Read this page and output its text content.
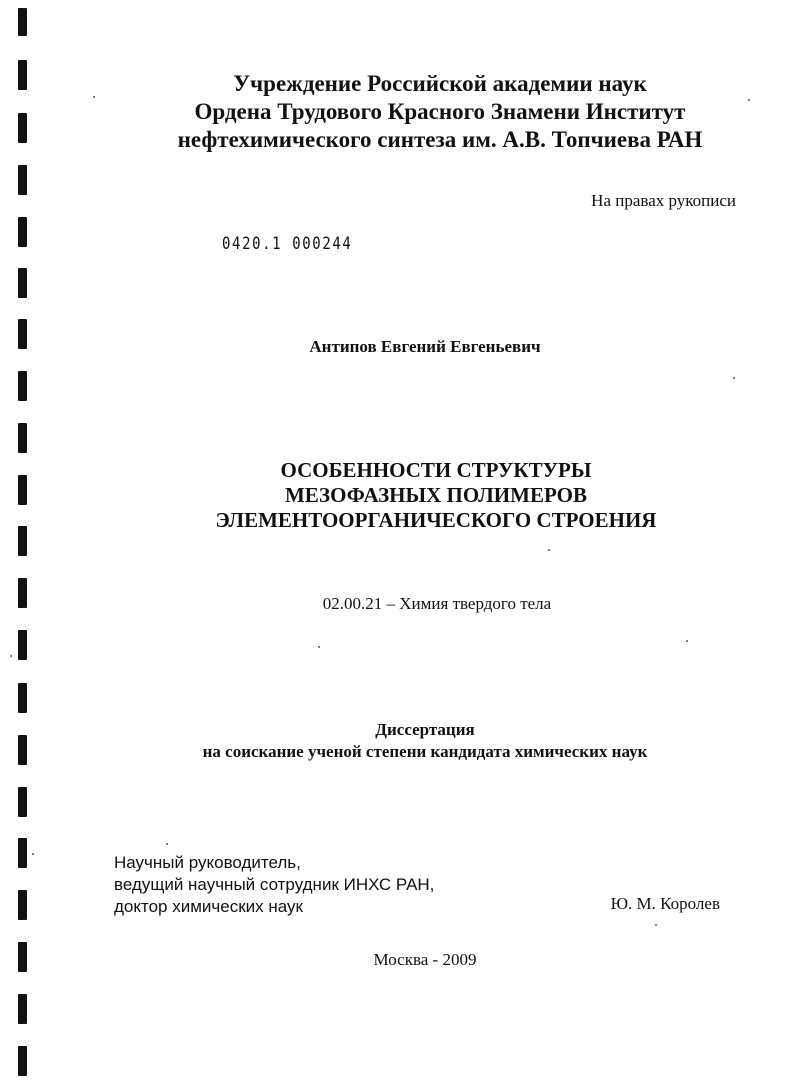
Учреждение Российской академии наук
Ордена Трудового Красного Знамени Институт
нефтехимического синтеза им. А.В. Топчиева РАН
На правах рукописи
0420.1 000244
Антипов Евгений Евгеньевич
ОСОБЕННОСТИ СТРУКТУРЫ
МЕЗОФАЗНЫХ ПОЛИМЕРОВ
ЭЛЕМЕНТООРГАНИЧЕСКОГО СТРОЕНИЯ
02.00.21 – Химия твердого тела
Диссертация
на соискание ученой степени кандидата химических наук
Научный руководитель,
ведущий научный сотрудник ИНХС РАН,
доктор химических наук	Ю. М. Королев
Москва - 2009
